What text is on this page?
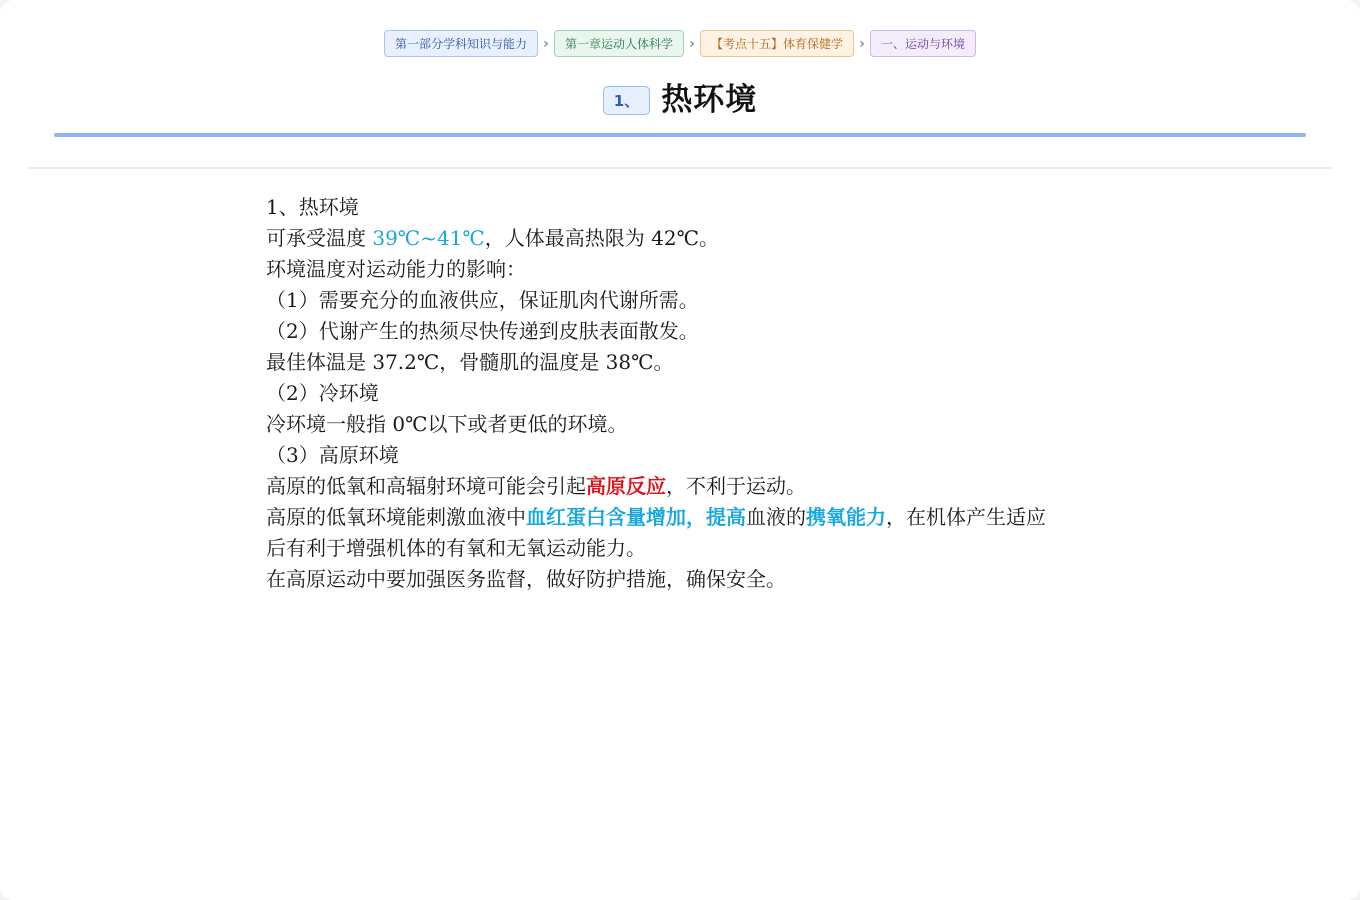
第一部分学科知识与能力	›	第一章运动人体科学	›	【考点十五】体育保健学	›	一、运动与环境
1、 热环境

1、热环境

可承受温度 39℃~41℃，人体最高热限为 42℃。

环境温度对运动能力的影响：

（1）需要充分的血液供应，保证肌肉代谢所需。

（2）代谢产生的热须尽快传递到皮肤表面散发。

最佳体温是 37.2℃，骨髓肌的温度是 38℃。

（2）冷环境

冷环境一般指 0℃以下或者更低的环境。

（3）高原环境

高原的低氧和高辐射环境可能会引起高原反应，不利于运动。

高原的低氧环境能刺激血液中血红蛋白含量增加，提高血液的携氧能力，在机体产生适应

后有利于增强机体的有氧和无氧运动能力。

在高原运动中要加强医务监督，做好防护措施，确保安全。
